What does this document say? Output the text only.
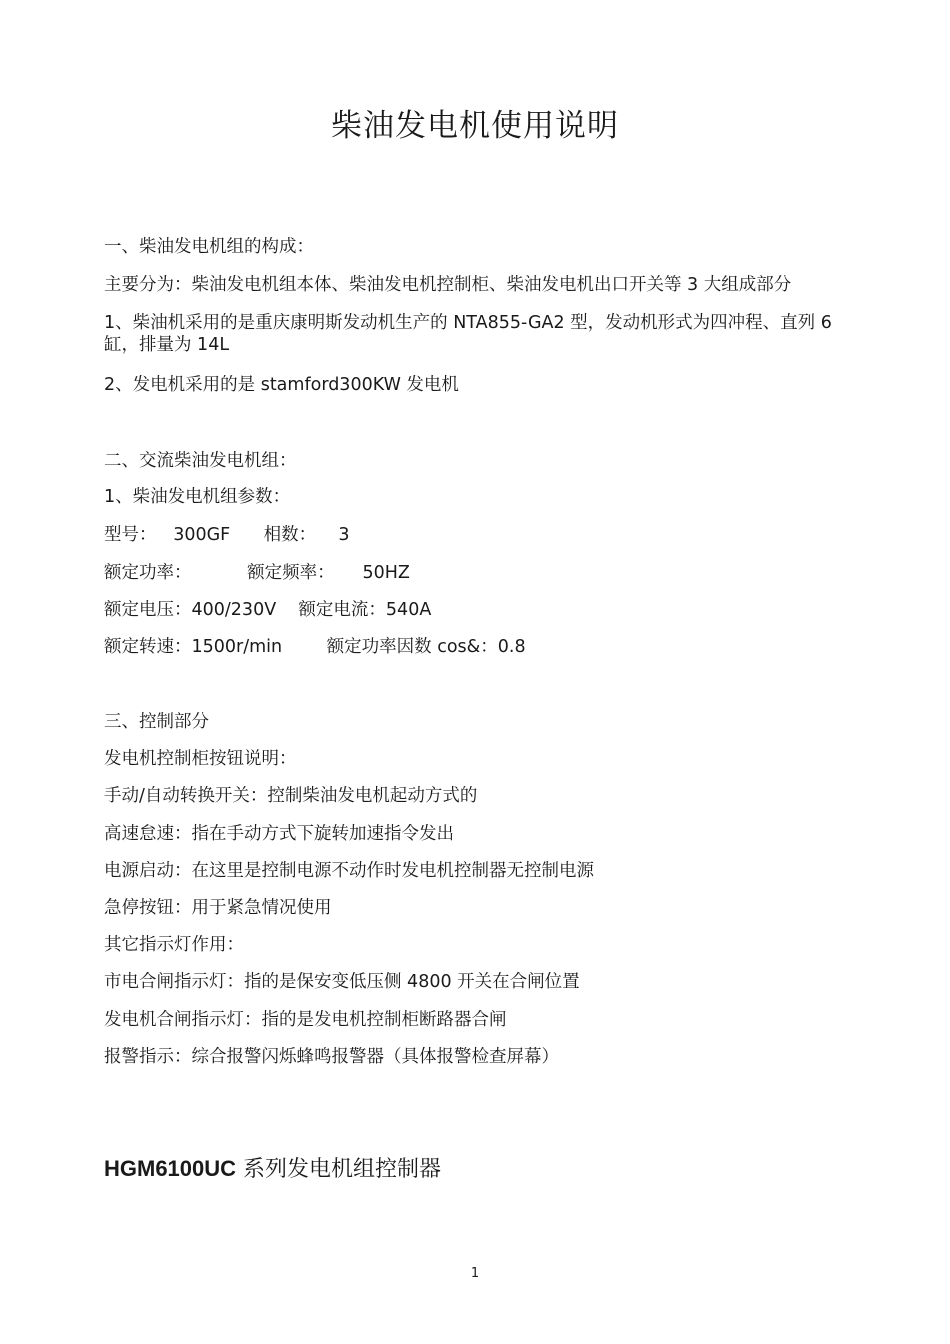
柴油发电机使用说明
一、柴油发电机组的构成：
主要分为：柴油发电机组本体、柴油发电机控制柜、柴油发电机出口开关等 3 大组成部分
1、柴油机采用的是重庆康明斯发动机生产的 NTA855-GA2 型，发动机形式为四冲程、直列 6 缸，排量为 14L
2、发电机采用的是 stamford300KW 发电机
二、交流柴油发电机组：
1、柴油发电机组参数：
型号：   300GF      相数：    3
额定功率：          额定频率：     50HZ
额定电压：400/230V    额定电流：540A
额定转速：1500r/min        额定功率因数 cos&：0.8
三、控制部分
发电机控制柜按钮说明：
手动/自动转换开关：控制柴油发电机起动方式的
高速怠速：指在手动方式下旋转加速指令发出
电源启动：在这里是控制电源不动作时发电机控制器无控制电源
急停按钮：用于紧急情况使用
其它指示灯作用：
市电合闸指示灯：指的是保安变低压侧 4800 开关在合闸位置
发电机合闸指示灯：指的是发电机控制柜断路器合闸
报警指示：综合报警闪烁蜂鸣报警器（具体报警检查屏幕）
HGM6100UC 系列发电机组控制器
1
